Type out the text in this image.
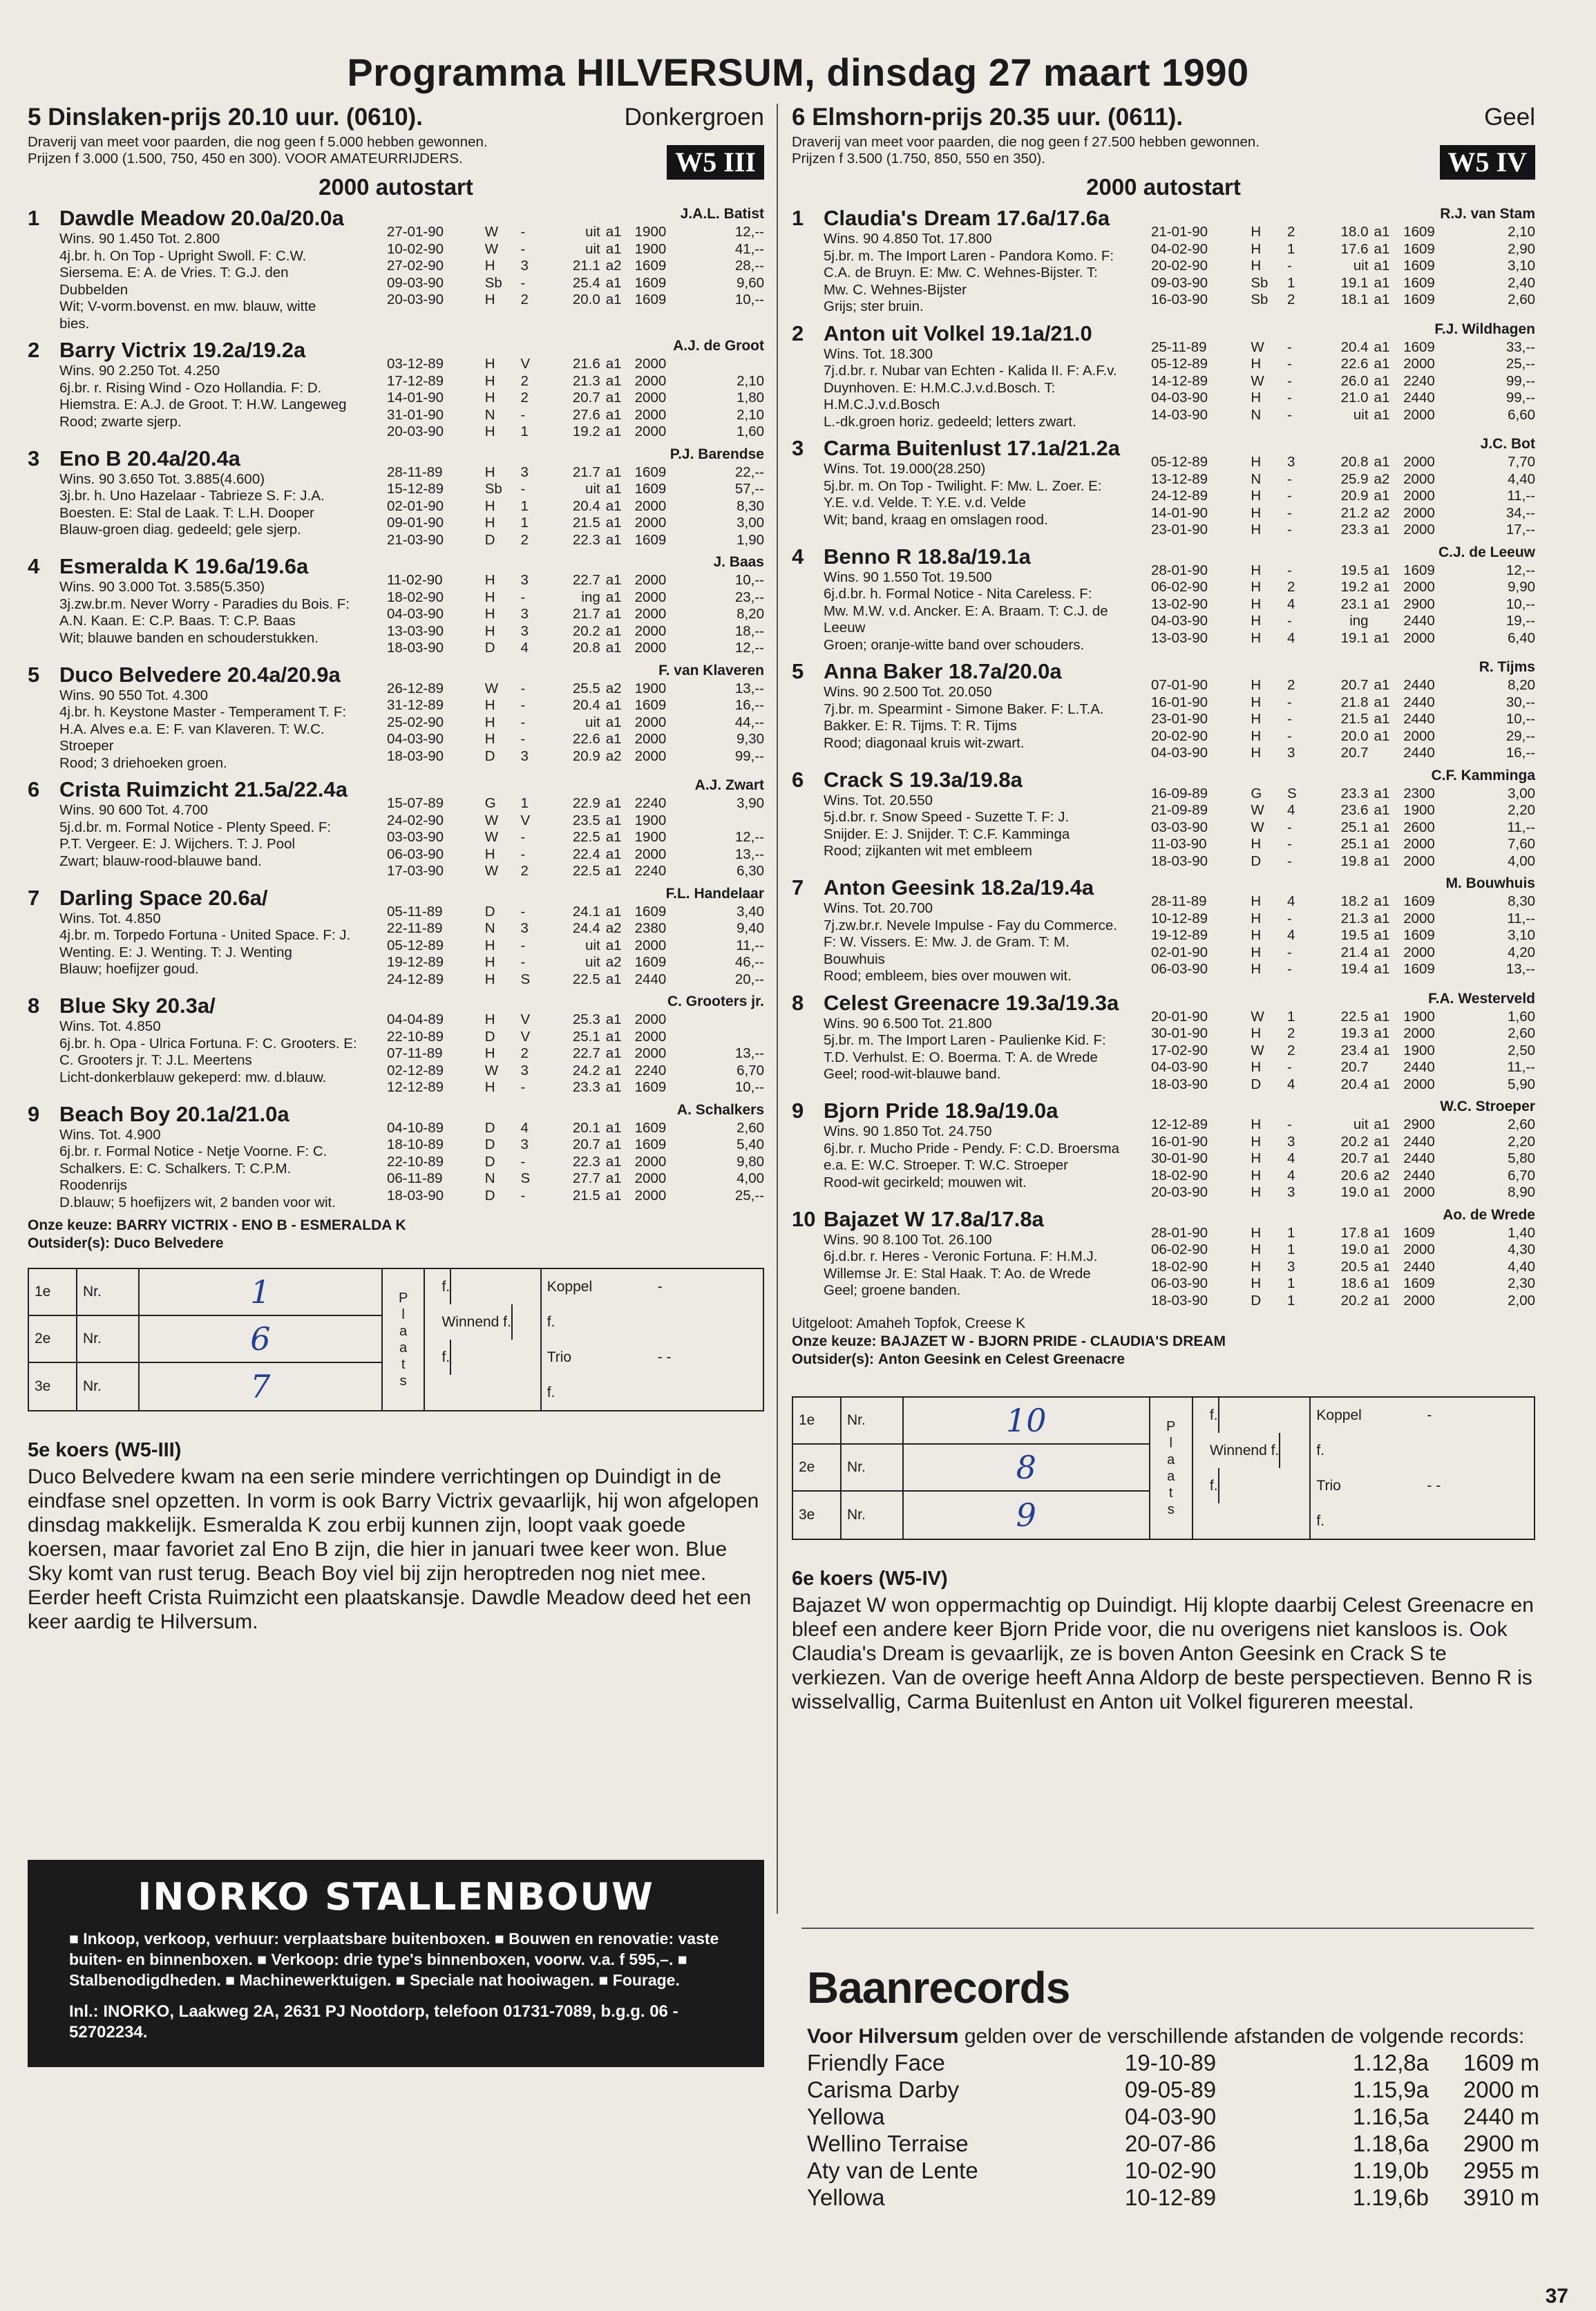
Programma HILVERSUM, dinsdag 27 maart 1990
5 Dinslaken-prijs 20.10 uur. (0610).	Donkergroen
Draverij van meet voor paarden, die nog geen f 5.000 hebben gewonnen.
Prijzen f 3.000 (1.500, 750, 450 en 300). VOOR AMATEURRIJDERS.
2000 autostart
W5 III
1 Dawdle Meadow 20.0a/20.0a
Wins. 90 1.450 Tot. 2.800
4j.br. h. On Top - Upright Swoll. F: C.W.
Siersema. E: A. de Vries. T: G.J. den
Dubbelden
Wit; V-vorm.bovenst. en mw. blauw, witte
bies.
J.A.L. Batist
27-01-90	W	-	uit a1 1900	12,--
10-02-90	W	-	uit a1 1900	41,--
27-02-90	H	3	21.1 a2 1609	28,--
09-03-90	Sb	-	25.4 a1 1609	9,60
20-03-90	H	2	20.0 a1 1609	10,--
2 Barry Victrix 19.2a/19.2a
Wins. 90 2.250 Tot. 4.250
6j.br. r. Rising Wind - Ozo Hollandia. F: D.
Hiemstra. E: A.J. de Groot. T: H.W. Langeweg
Rood; zwarte sjerp.
A.J. de Groot
03-12-89	H	V	21.6 a1 2000
17-12-89	H	2	21.3 a1 2000	2,10
14-01-90	H	2	20.7 a1 2000	1,80
31-01-90	N	-	27.6 a1 2000	2,10
20-03-90	H	1	19.2 a1 2000	1,60
3 Eno B 20.4a/20.4a
Wins. 90 3.650 Tot. 3.885(4.600)
3j.br. h. Uno Hazelaar - Tabrieze S. F: J.A.
Boesten. E: Stal de Laak. T: L.H. Dooper
Blauw-groen diag. gedeeld; gele sjerp.
P.J. Barendse
28-11-89	H	3	21.7 a1 1609	22,--
15-12-89	Sb	-	uit a1 1609	57,--
02-01-90	H	1	20.4 a1 2000	8,30
09-01-90	H	1	21.5 a1 2000	3,00
21-03-90	D	2	22.3 a1 1609	1,90
4 Esmeralda K 19.6a/19.6a
Wins. 90 3.000 Tot. 3.585(5.350)
3j.zw.br.m. Never Worry - Paradies du Bois. F:
A.N. Kaan. E: C.P. Baas. T: C.P. Baas
Wit; blauwe banden en schouderstukken.
J. Baas
11-02-90	H	3	22.7 a1 2000	10,--
18-02-90	H	-	ing a1 2000	23,--
04-03-90	H	3	21.7 a1 2000	8,20
13-03-90	H	3	20.2 a1 2000	18,--
18-03-90	D	4	20.8 a1 2000	12,--
5 Duco Belvedere 20.4a/20.9a
Wins. 90 550 Tot. 4.300
4j.br. h. Keystone Master - Temperament T. F:
H.A. Alves e.a. E: F. van Klaveren. T: W.C.
Stroeper
Rood; 3 driehoeken groen.
F. van Klaveren
26-12-89	W	-	25.5 a2 1900	13,--
31-12-89	H	-	20.4 a1 1609	16,--
25-02-90	H	-	uit a1 2000	44,--
04-03-90	H	-	22.6 a1 2000	9,30
18-03-90	D	3	20.9 a2 2000	99,--
6 Crista Ruimzicht 21.5a/22.4a
Wins. 90 600 Tot. 4.700
5j.d.br. m. Formal Notice - Plenty Speed. F:
P.T. Vergeer. E: J. Wijchers. T: J. Pool
Zwart; blauw-rood-blauwe band.
A.J. Zwart
15-07-89	G	1	22.9 a1 2240	3,90
24-02-90	W	V	23.5 a1 1900
03-03-90	W	-	22.5 a1 1900	12,--
06-03-90	H	-	22.4 a1 2000	13,--
17-03-90	W	2	22.5 a1 2240	6,30
7 Darling Space 20.6a/
Wins. Tot. 4.850
4j.br. m. Torpedo Fortuna - United Space. F: J.
Wenting. E: J. Wenting. T: J. Wenting
Blauw; hoefijzer goud.
F.L. Handelaar
05-11-89	D	-	24.1 a1 1609	3,40
22-11-89	N	3	24.4 a2 2380	9,40
05-12-89	H	-	uit a1 2000	11,--
19-12-89	H	-	uit a2 1609	46,--
24-12-89	H	S	22.5 a1 2440	20,--
8 Blue Sky 20.3a/
Wins. Tot. 4.850
6j.br. h. Opa - Ulrica Fortuna. F: C. Grooters. E:
C. Grooters jr. T: J.L. Meertens
Licht-donkerblauw gekeperd: mw. d.blauw.
C. Grooters jr.
04-04-89	H	V	25.3 a1 2000
22-10-89	D	V	25.1 a1 2000
07-11-89	H	2	22.7 a1 2000	13,--
02-12-89	W	3	24.2 a1 2240	6,70
12-12-89	H	-	23.3 a1 1609	10,--
9 Beach Boy 20.1a/21.0a
Wins. Tot. 4.900
6j.br. r. Formal Notice - Netje Voorne. F: C.
Schalkers. E: C. Schalkers. T: C.P.M.
Roodenrijs
D.blauw; 5 hoefijzers wit, 2 banden voor wit.
A. Schalkers
04-10-89	D	4	20.1 a1 1609	2,60
18-10-89	D	3	20.7 a1 1609	5,40
22-10-89	D	-	22.3 a1 2000	9,80
06-11-89	N	S	27.7 a1 2000	4,00
18-03-90	D	-	21.5 a1 2000	25,--
Onze keuze: BARRY VICTRIX - ENO B - ESMERALDA K
Outsider(s): Duco Belvedere
1e	Nr.	1
2e	Nr.	6
3e	Nr.	7
P
l
a
a
t
s
f.	Koppel	-
Winnend f.	f.
f.	Trio	- -
f.
5e koers (W5-III)
Duco Belvedere kwam na een serie mindere verrichtingen op Duindigt in de eindfase snel opzetten. In vorm is ook Barry Victrix gevaarlijk, hij won afgelopen dinsdag makkelijk. Esmeralda K zou erbij kunnen zijn, loopt vaak goede koersen, maar favoriet zal Eno B zijn, die hier in januari twee keer won. Blue Sky komt van rust terug. Beach Boy viel bij zijn heroptreden nog niet mee. Eerder heeft Crista Ruimzicht een plaatskansje. Dawdle Meadow deed het een keer aardig te Hilversum.
6 Elmshorn-prijs 20.35 uur. (0611).	Geel
Draverij van meet voor paarden, die nog geen f 27.500 hebben gewonnen.
Prijzen f 3.500 (1.750, 850, 550 en 350).
2000 autostart
W5 IV
1 Claudia's Dream 17.6a/17.6a
Wins. 90 4.850 Tot. 17.800
5j.br. m. The Import Laren - Pandora Komo. F:
C.A. de Bruyn. E: Mw. C. Wehnes-Bijster. T:
Mw. C. Wehnes-Bijster
Grijs; ster bruin.
R.J. van Stam
21-01-90	H	2	18.0 a1 1609	2,10
04-02-90	H	1	17.6 a1 1609	2,90
20-02-90	H	-	uit a1 1609	3,10
09-03-90	Sb	1	19.1 a1 1609	2,40
16-03-90	Sb	2	18.1 a1 1609	2,60
2 Anton uit Volkel 19.1a/21.0
Wins. Tot. 18.300
7j.d.br. r. Nubar van Echten - Kalida II. F: A.F.v.
Duynhoven. E: H.M.C.J.v.d.Bosch. T:
H.M.C.J.v.d.Bosch
L.-dk.groen horiz. gedeeld; letters zwart.
F.J. Wildhagen
25-11-89	W	-	20.4 a1 1609	33,--
05-12-89	H	-	22.6 a1 2000	25,--
14-12-89	W	-	26.0 a1 2240	99,--
04-03-90	H	-	21.0 a1 2440	99,--
14-03-90	N	-	uit a1 2000	6,60
3 Carma Buitenlust 17.1a/21.2a
Wins. Tot. 19.000(28.250)
5j.br. m. On Top - Twilight. F: Mw. L. Zoer. E:
Y.E. v.d. Velde. T: Y.E. v.d. Velde
Wit; band, kraag en omslagen rood.
J.C. Bot
05-12-89	H	3	20.8 a1 2000	7,70
13-12-89	N	-	25.9 a2 2000	4,40
24-12-89	H	-	20.9 a1 2000	11,--
14-01-90	H	-	21.2 a2 2000	34,--
23-01-90	H	-	23.3 a1 2000	17,--
4 Benno R 18.8a/19.1a
Wins. 90 1.550 Tot. 19.500
6j.d.br. h. Formal Notice - Nita Careless. F:
Mw. M.W. v.d. Ancker. E: A. Braam. T: C.J. de
Leeuw
Groen; oranje-witte band over schouders.
C.J. de Leeuw
28-01-90	H	-	19.5 a1 1609	12,--
06-02-90	H	2	19.2 a1 2000	9,90
13-02-90	H	4	23.1 a1 2900	10,--
04-03-90	H	-	ing	2440	19,--
13-03-90	H	4	19.1 a1 2000	6,40
5 Anna Baker 18.7a/20.0a
Wins. 90 2.500 Tot. 20.050
7j.br. m. Spearmint - Simone Baker. F: L.T.A.
Bakker. E: R. Tijms. T: R. Tijms
Rood; diagonaal kruis wit-zwart.
R. Tijms
07-01-90	H	2	20.7 a1 2440	8,20
16-01-90	H	-	21.8 a1 2440	30,--
23-01-90	H	-	21.5 a1 2440	10,--
20-02-90	H	-	20.0 a1 2000	29,--
04-03-90	H	3	20.7	2440	16,--
6 Crack S 19.3a/19.8a
Wins. Tot. 20.550
5j.d.br. r. Snow Speed - Suzette T. F: J.
Snijder. E: J. Snijder. T: C.F. Kamminga
Rood; zijkanten wit met embleem
C.F. Kamminga
16-09-89	G	S	23.3 a1 2300	3,00
21-09-89	W	4	23.6 a1 1900	2,20
03-03-90	W	-	25.1 a1 2600	11,--
11-03-90	H	-	25.1 a1 2000	7,60
18-03-90	D	-	19.8 a1 2000	4,00
7 Anton Geesink 18.2a/19.4a
Wins. Tot. 20.700
7j.zw.br.r. Nevele Impulse - Fay du Commerce.
F: W. Vissers. E: Mw. J. de Gram. T: M.
Bouwhuis
Rood; embleem, bies over mouwen wit.
M. Bouwhuis
28-11-89	H	4	18.2 a1 1609	8,30
10-12-89	H	-	21.3 a1 2000	11,--
19-12-89	H	4	19.5 a1 1609	3,10
02-01-90	H	-	21.4 a1 2000	4,20
06-03-90	H	-	19.4 a1 1609	13,--
8 Celest Greenacre 19.3a/19.3a
Wins. 90 6.500 Tot. 21.800
5j.br. m. The Import Laren - Paulienke Kid. F:
T.D. Verhulst. E: O. Boerma. T: A. de Wrede
Geel; rood-wit-blauwe band.
F.A. Westerveld
20-01-90	W	1	22.5 a1 1900	1,60
30-01-90	H	2	19.3 a1 2000	2,60
17-02-90	W	2	23.4 a1 1900	2,50
04-03-90	H	-	20.7	2440	11,--
18-03-90	D	4	20.4 a1 2000	5,90
9 Bjorn Pride 18.9a/19.0a
Wins. 90 1.850 Tot. 24.750
6j.br. r. Mucho Pride - Pendy. F: C.D. Broersma
e.a. E: W.C. Stroeper. T: W.C. Stroeper
Rood-wit gecirkeld; mouwen wit.
W.C. Stroeper
12-12-89	H	-	uit a1 2900	2,60
16-01-90	H	3	20.2 a1 2440	2,20
30-01-90	H	4	20.7 a1 2440	5,80
18-02-90	H	4	20.6 a2 2440	6,70
20-03-90	H	3	19.0 a1 2000	8,90
10 Bajazet W 17.8a/17.8a
Wins. 90 8.100 Tot. 26.100
6j.d.br. r. Heres - Veronic Fortuna. F: H.M.J.
Willemse Jr. E: Stal Haak. T: Ao. de Wrede
Geel; groene banden.
Ao. de Wrede
28-01-90	H	1	17.8 a1 1609	1,40
06-02-90	H	1	19.0 a1 2000	4,30
18-02-90	H	3	20.5 a1 2440	4,40
06-03-90	H	1	18.6 a1 1609	2,30
18-03-90	D	1	20.2 a1 2000	2,00
Uitgeloot: Amaheh Topfok, Creese K
Onze keuze: BAJAZET W - BJORN PRIDE - CLAUDIA'S DREAM
Outsider(s): Anton Geesink en Celest Greenacre
1e	Nr.	10
2e	Nr.	8
3e	Nr.	9
P
l
a
a
t
s
f.	Koppel	-
Winnend f.	f.
f.	Trio	- -
f.
6e koers (W5-IV)
Bajazet W won oppermachtig op Duindigt. Hij klopte daarbij Celest Greenacre en bleef een andere keer Bjorn Pride voor, die nu overigens niet kansloos is. Ook Claudia's Dream is gevaarlijk, ze is boven Anton Geesink en Crack S te verkiezen. Van de overige heeft Anna Aldorp de beste perspectieven. Benno R is wisselvallig, Carma Buitenlust en Anton uit Volkel figureren meestal.
INORKO STALLENBOUW
■ Inkoop, verkoop, verhuur: verplaatsbare buitenboxen. ■ Bouwen en renovatie: vaste buiten- en binnenboxen. ■ Verkoop: drie type's binnenboxen, voorw. v.a. f 595,–. ■ Stalbenodigdheden. ■ Machinewerktuigen. ■ Speciale nat hooiwagen. ■ Fourage.
Inl.: INORKO, Laakweg 2A, 2631 PJ Nootdorp, telefoon 01731-7089, b.g.g. 06 - 52702234.
Baanrecords
Voor Hilversum gelden over de verschillende afstanden de volgende records:
Friendly Face	19-10-89	1.12,8a	1609 m
Carisma Darby	09-05-89	1.15,9a	2000 m
Yellowa	04-03-90	1.16,5a	2440 m
Wellino Terraise	20-07-86	1.18,6a	2900 m
Aty van de Lente	10-02-90	1.19,0b	2955 m
Yellowa	10-12-89	1.19,6b	3910 m
37
